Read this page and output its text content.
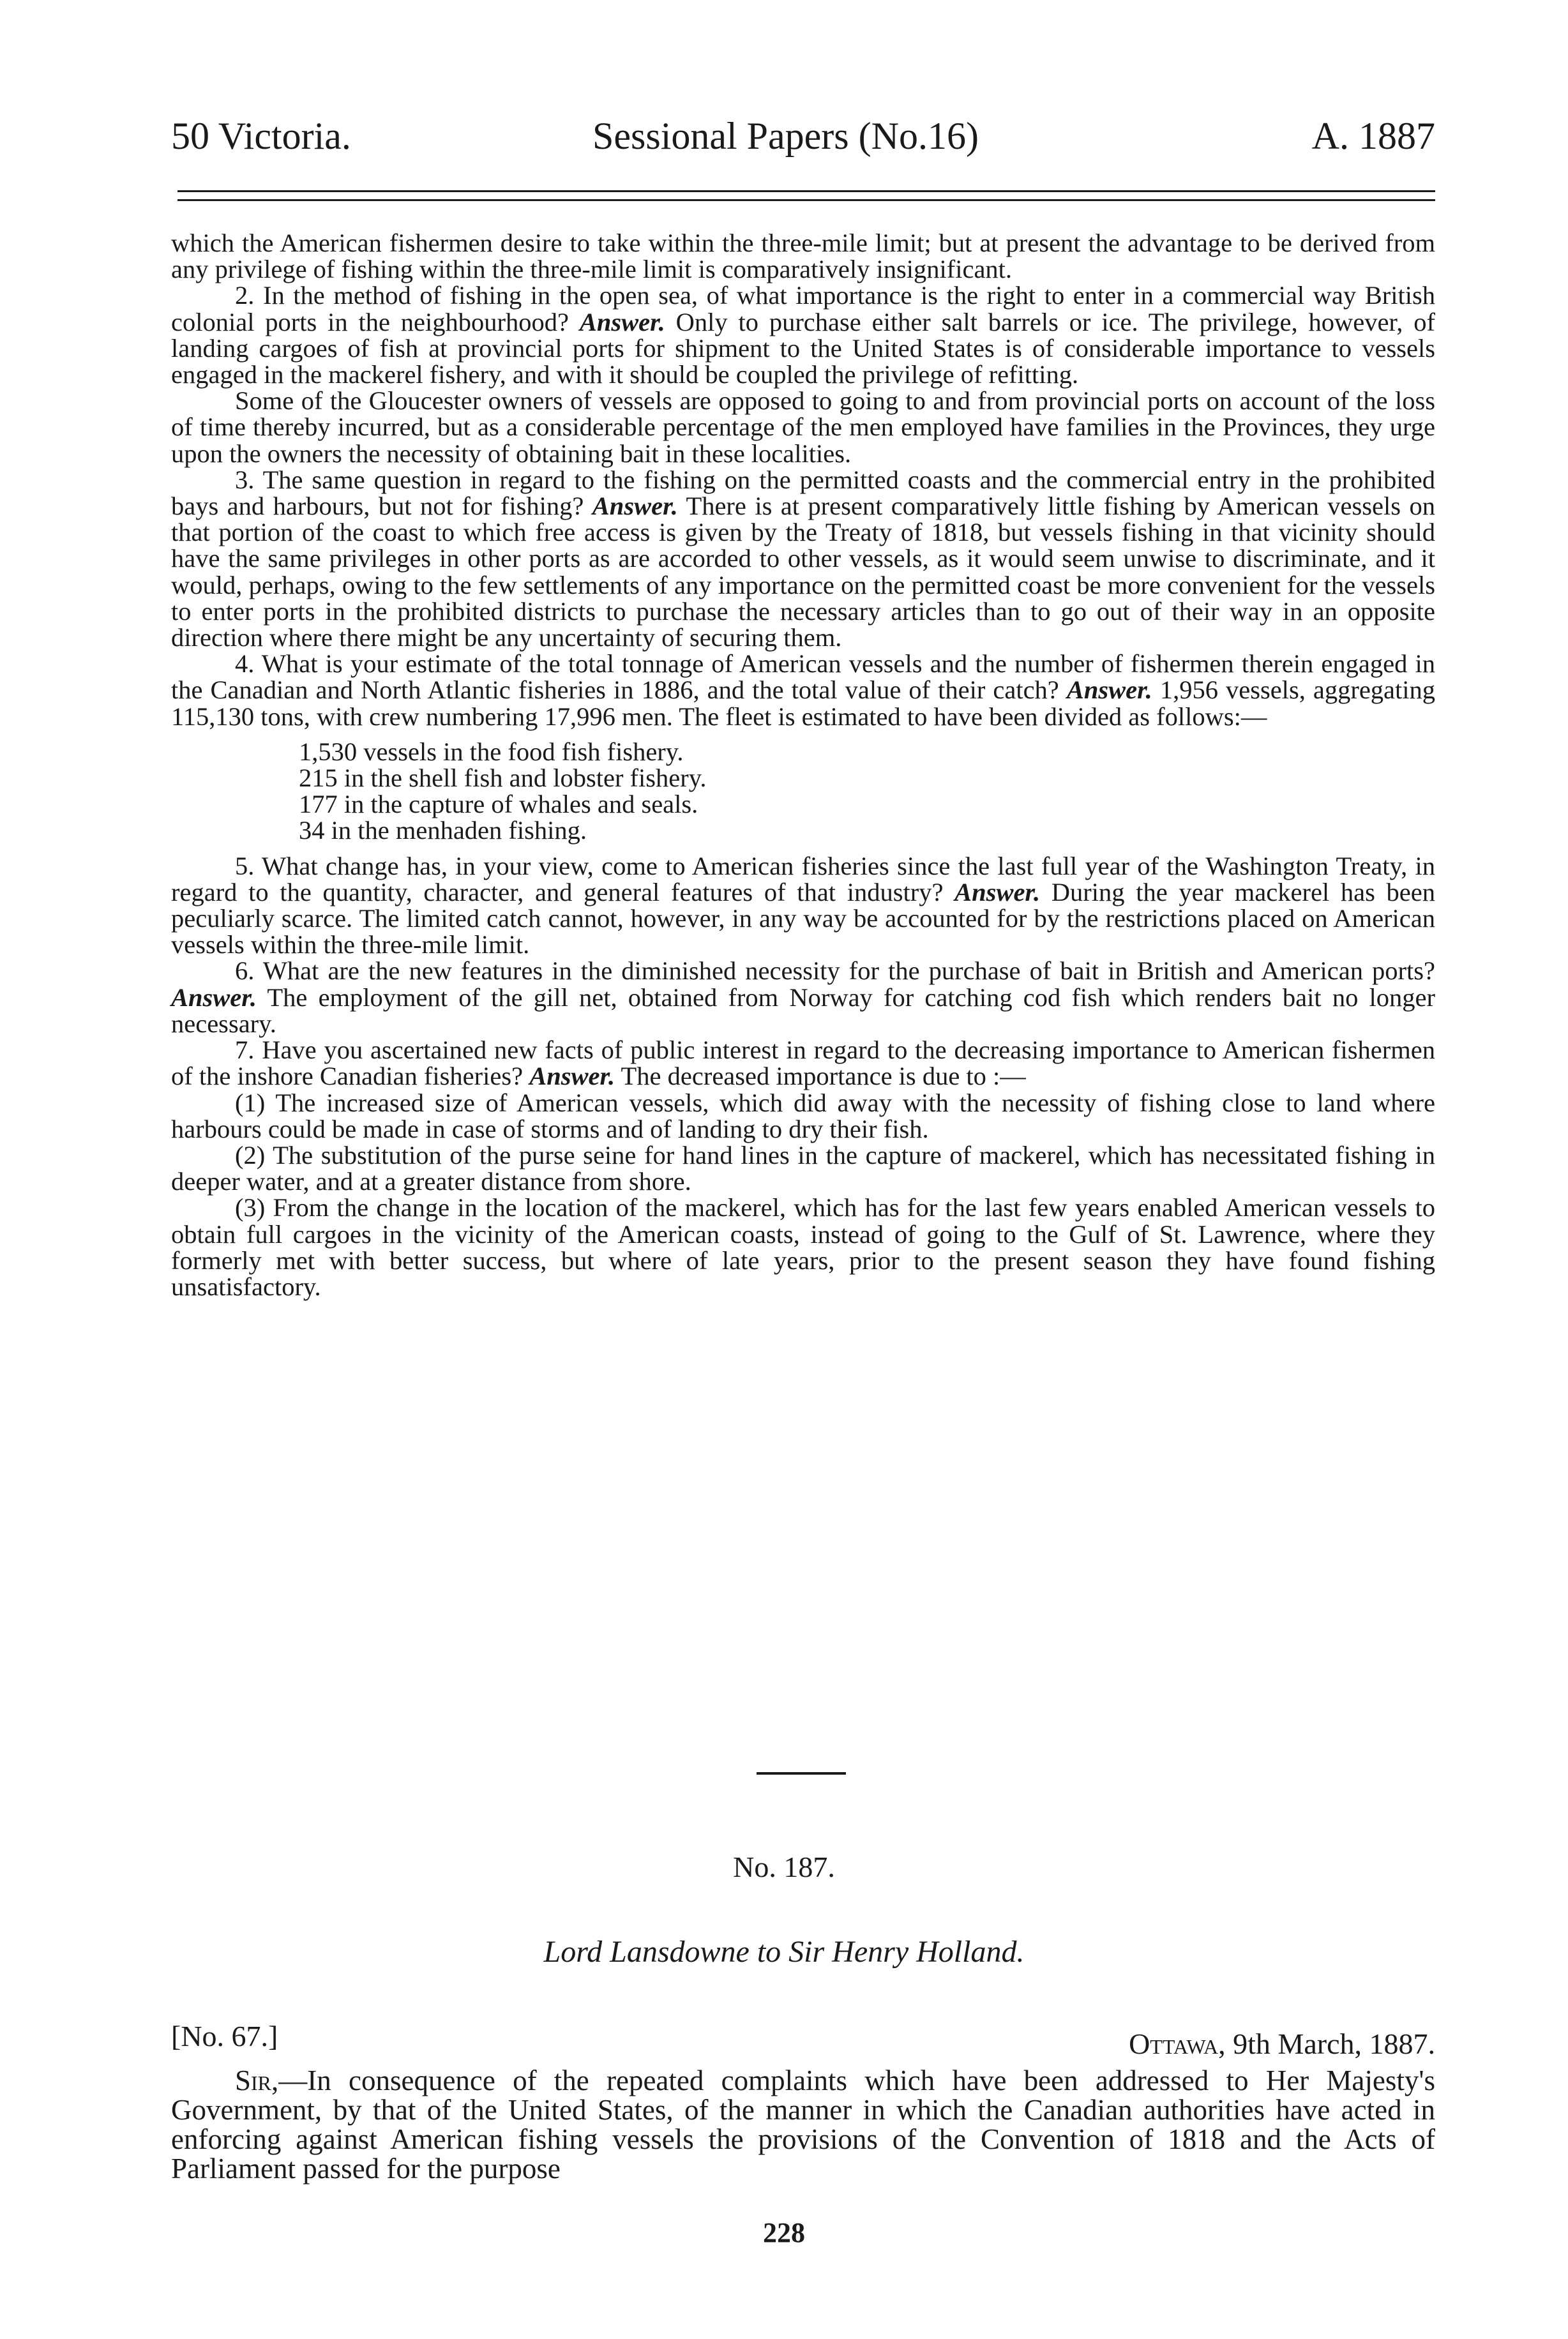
50 Victoria.	Sessional Papers (No.16)	A. 1887

which the American fishermen desire to take within the three-mile limit; but at present the advantage to be derived from any privilege of fishing within the three-mile limit is comparatively insignificant.

2. In the method of fishing in the open sea, of what importance is the right to enter in a commercial way British colonial ports in the neighbourhood? Answer. Only to purchase either salt barrels or ice. The privilege, however, of landing cargoes of fish at provincial ports for shipment to the United States is of considerable importance to vessels engaged in the mackerel fishery, and with it should be coupled the privilege of refitting.

Some of the Gloucester owners of vessels are opposed to going to and from provincial ports on account of the loss of time thereby incurred, but as a considerable percentage of the men employed have families in the Provinces, they urge upon the owners the necessity of obtaining bait in these localities.

3. The same question in regard to the fishing on the permitted coasts and the commercial entry in the prohibited bays and harbours, but not for fishing? Answer. There is at present comparatively little fishing by American vessels on that portion of the coast to which free access is given by the Treaty of 1818, but vessels fishing in that vicinity should have the same privileges in other ports as are accorded to other vessels, as it would seem unwise to discriminate, and it would, perhaps, owing to the few settlements of any importance on the permitted coast be more convenient for the vessels to enter ports in the prohibited districts to purchase the necessary articles than to go out of their way in an opposite direction where there might be any uncertainty of securing them.

4. What is your estimate of the total tonnage of American vessels and the number of fishermen therein engaged in the Canadian and North Atlantic fisheries in 1886, and the total value of their catch? Answer. 1,956 vessels, aggregating 115,130 tons, with crew numbering 17,996 men. The fleet is estimated to have been divided as follows:—

1,530 vessels in the food fish fishery.
215 in the shell fish and lobster fishery.
177 in the capture of whales and seals.
34 in the menhaden fishing.

5. What change has, in your view, come to American fisheries since the last full year of the Washington Treaty, in regard to the quantity, character, and general features of that industry? Answer. During the year mackerel has been peculiarly scarce. The limited catch cannot, however, in any way be accounted for by the restrictions placed on American vessels within the three-mile limit.

6. What are the new features in the diminished necessity for the purchase of bait in British and American ports? Answer. The employment of the gill net, obtained from Norway for catching cod fish which renders bait no longer necessary.

7. Have you ascertained new facts of public interest in regard to the decreasing importance to American fishermen of the inshore Canadian fisheries? Answer. The decreased importance is due to :—

(1) The increased size of American vessels, which did away with the necessity of fishing close to land where harbours could be made in case of storms and of landing to dry their fish.

(2) The substitution of the purse seine for hand lines in the capture of mackerel, which has necessitated fishing in deeper water, and at a greater distance from shore.

(3) From the change in the location of the mackerel, which has for the last few years enabled American vessels to obtain full cargoes in the vicinity of the American coasts, instead of going to the Gulf of St. Lawrence, where they formerly met with better success, but where of late years, prior to the present season they have found fishing unsatisfactory.

No. 187.
Lord Lansdowne to Sir Henry Holland.
[No. 67.]	Ottawa, 9th March, 1887.

Sir,—In consequence of the repeated complaints which have been addressed to Her Majesty's Government, by that of the United States, of the manner in which the Canadian authorities have acted in enforcing against American fishing vessels the provisions of the Convention of 1818 and the Acts of Parliament passed for the purpose

228
